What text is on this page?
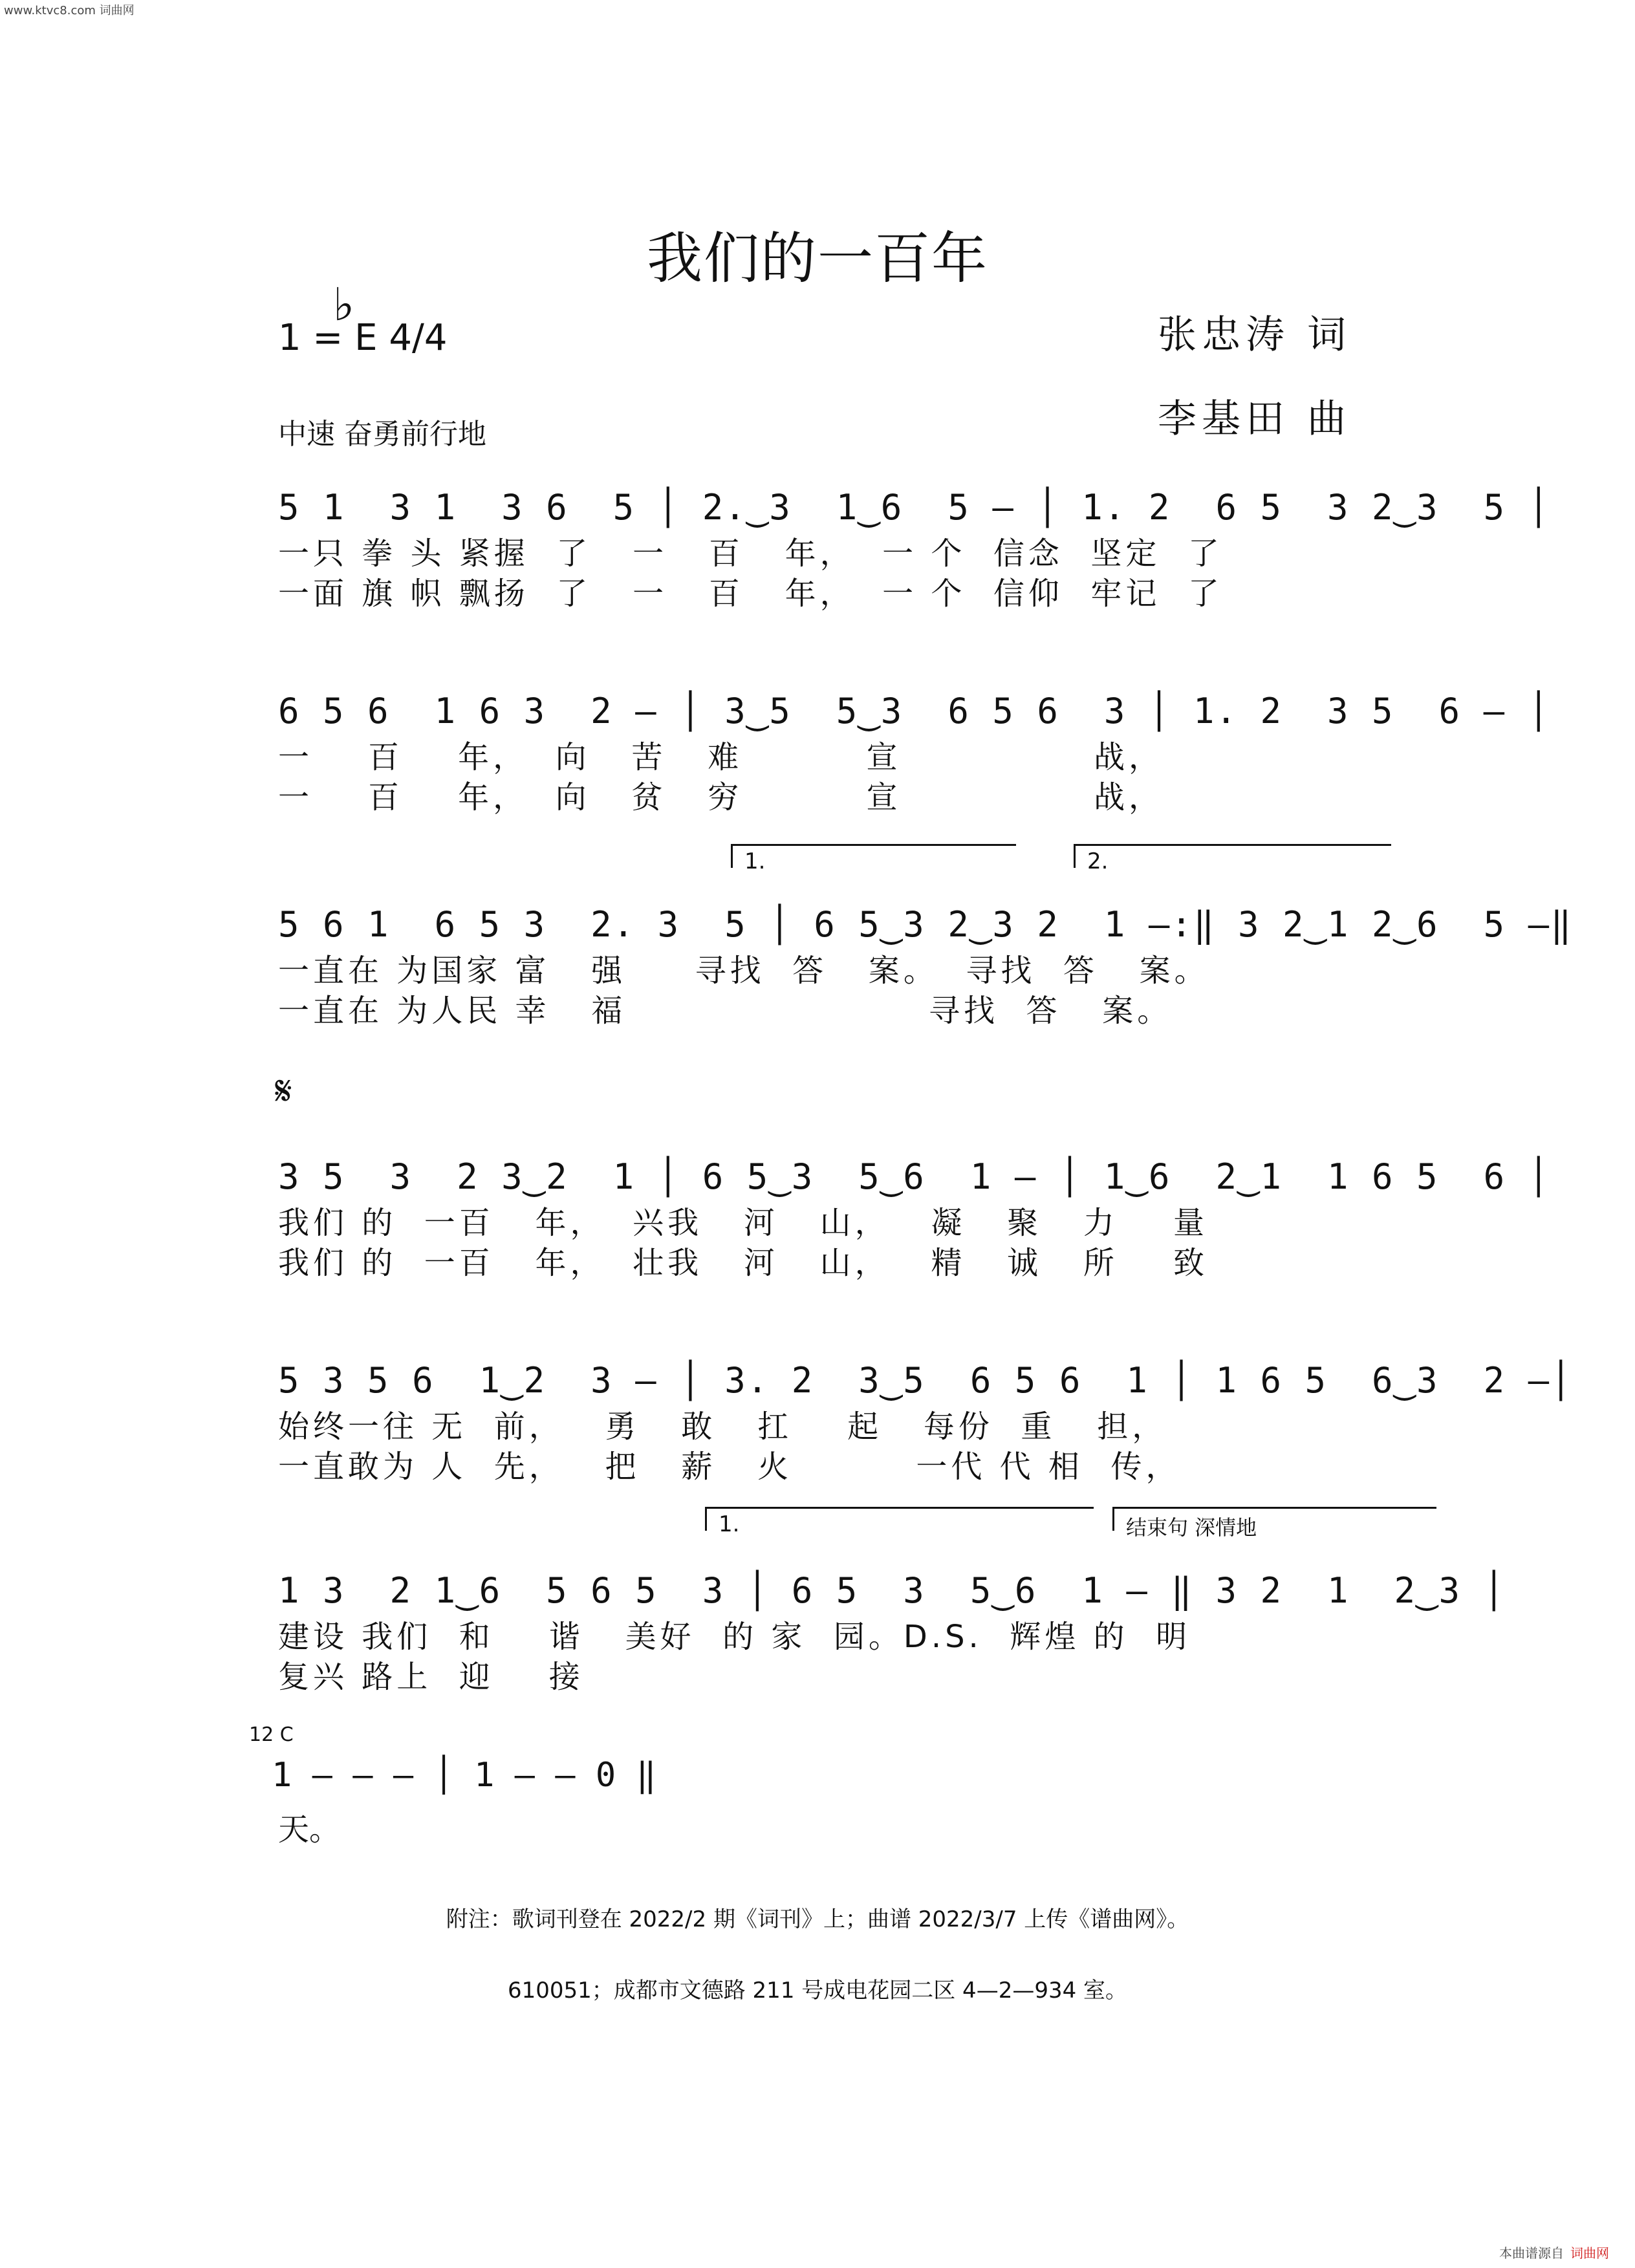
www.ktvc8.com 词曲网
我们的一百年
♭
1 = E 4/4	张忠涛 词
李基田 曲
中速 奋勇前行地
5 1  3 1  3 6  5 │ 2.‿3  1‿6  5 — │ 1. 2  6 5  3 2‿3  5 │
一只 拳 头 紧握  了   一   百   年，  一 个  信念  坚定  了
一面 旗 帜 飘扬  了   一   百   年，  一 个  信仰  牢记  了
6 5 6  1 6 3  2 — │ 3‿5  5‿3  6 5 6  3 │ 1. 2  3 5  6 — │
一    百    年，  向   苦   难         宣              战，
一    百    年，  向   贫   穷         宣              战，
1.	2.
5 6 1  6 5 3  2. 3  5 │ 6 5‿3 2‿3 2  1 —:‖ 3 2‿1 2‿6  5 —‖
一直在 为国家 富   强     寻找  答   案。  寻找  答   案。
一直在 为人民 幸   福                      寻找  答   案。
𝄋
3 5  3  2 3‿2  1 │ 6 5‿3  5‿6  1 — │ 1‿6  2‿1  1 6 5  6 │
我们 的  一百   年，  兴我   河   山，   凝   聚   力    量
我们 的  一百   年，  壮我   河   山，   精   诚   所    致
5 3 5 6  1‿2  3 — │ 3. 2  3‿5  6 5 6  1 │ 1 6 5  6‿3  2 —│
始终一往 无  前，   勇   敢   扛    起   每份  重   担，
一直敢为 人  先，   把   薪   火         一代 代 相  传，
1.	结束句 深情地
1 3  2 1‿6  5 6 5  3 │ 6 5  3  5‿6  1 — ‖ 3 2  1  2‿3 │
建设 我们  和    谐   美好  的 家  园。D.S.  辉煌 的  明
复兴 路上  迎    接
12 C
1 — — — │ 1 — — 0 ‖
天。
附注：歌词刊登在 2022/2 期《词刊》上；曲谱 2022/3/7 上传《谱曲网》。
610051；成都市文德路 211 号成电花园二区 4—2—934 室。
本曲谱源自 词曲网
